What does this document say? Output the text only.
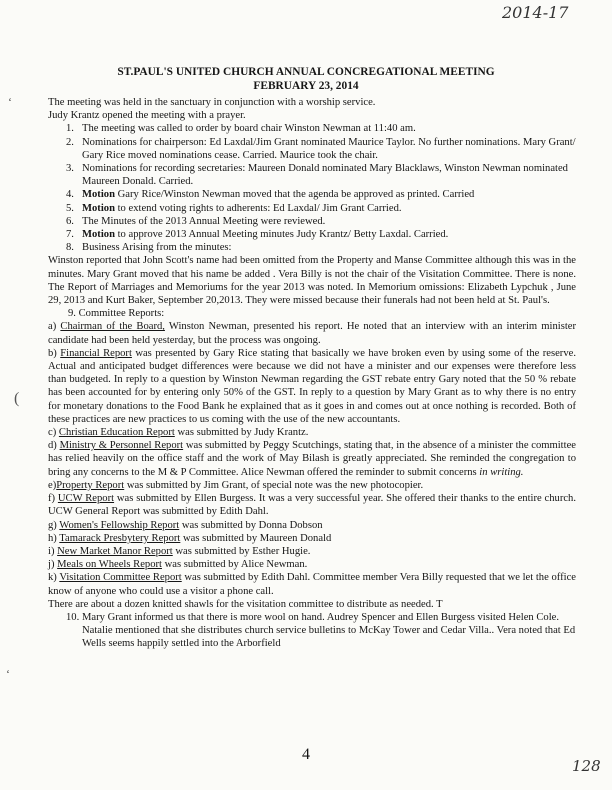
2014-17
ST.PAUL'S UNITED CHURCH ANNUAL CONCREGATIONAL MEETING
FEBRUARY 23, 2014
ʻ
(

The meeting was held in the sanctuary in conjunction with a worship service.

Judy Krantz opened the meeting with a prayer.

1. The meeting was called to order by board chair Winston Newman at 11:40 am.
2. Nominations for chairperson: Ed Laxdal/Jim Grant nominated Maurice Taylor. No further nominations. Mary Grant/ Gary Rice moved nominations cease. Carried. Maurice took the chair.
3. Nominations for recording secretaries: Maureen Donald nominated Mary Blacklaws, Winston Newman nominated Maureen Donald. Carried.
4. Motion Gary Rice/Winston Newman moved that the agenda be approved as printed. Carried
5. Motion to extend voting rights to adherents: Ed Laxdal/ Jim Grant Carried.
6. The Minutes of the 2013 Annual Meeting were reviewed.
7. Motion to approve 2013 Annual Meeting minutes Judy Krantz/ Betty Laxdal. Carried.
8. Business Arising from the minutes:

Winston reported that John Scott's name had been omitted from the Property and Manse Committee although this was in the minutes. Mary Grant moved that his name be added . Vera Billy is not the chair of the Visitation Committee. There is none. The Report of Marriages and Memoriums for the year 2013 was noted. In Memorium omissions: Elizabeth Lypchuk , June 29, 2013 and Kurt Baker, September 20,2013. They were missed because their funerals had not been held at St. Paul's.

9. Committee Reports:

a) Chairman of the Board, Winston Newman, presented his report. He noted that an interview with an interim minister candidate had been held yesterday, but the process was ongoing.

b) Financial Report was presented by Gary Rice stating that basically we have broken even by using some of the reserve. Actual and anticipated budget differences were because we did not have a minister and our expenses were therefore less than budgeted. In reply to a question by Winston Newman regarding the GST rebate entry Gary noted that the 50 % rebate has been accounted for by entering only 50% of the GST. In reply to a question by Mary Grant as to why there is no entry for monetary donations to the Food Bank he explained that as it goes in and comes out at once nothing is recorded. Both of these practices are new practices to us coming with the use of the new accountants.

c) Christian Education Report was submitted by Judy Krantz.

d) Ministry & Personnel Report was submitted by Peggy Scutchings, stating that, in the absence of a minister the committee has relied heavily on the office staff and the work of May Bilash is greatly appreciated. She reminded the congregation to bring any concerns to the M & P Committee. Alice Newman offered the reminder to submit concerns in writing.

e)Property Report was submitted by Jim Grant, of special note was the new photocopier.

f) UCW Report was submitted by Ellen Burgess. It was a very successful year. She offered their thanks to the entire church. UCW General Report was submitted by Edith Dahl.

g) Women's Fellowship Report was submitted by Donna Dobson

h) Tamarack Presbytery Report was submitted by Maureen Donald

i) New Market Manor Report was submitted by Esther Hugie.

j) Meals on Wheels Report was submitted by Alice Newman.

k) Visitation Committee Report was submitted by Edith Dahl. Committee member Vera Billy requested that we let the office know of anyone who could use a visitor a phone call.

There are about a dozen knitted shawls for the visitation committee to distribute as needed. T

10. Mary Grant informed us that there is more wool on hand. Audrey Spencer and Ellen Burgess visited Helen Cole. Natalie mentioned that she distributes church service bulletins to McKay Tower and Cedar Villa.. Vera noted that Ed Wells seems happily settled into the Arborfield
ʻ
4
128
